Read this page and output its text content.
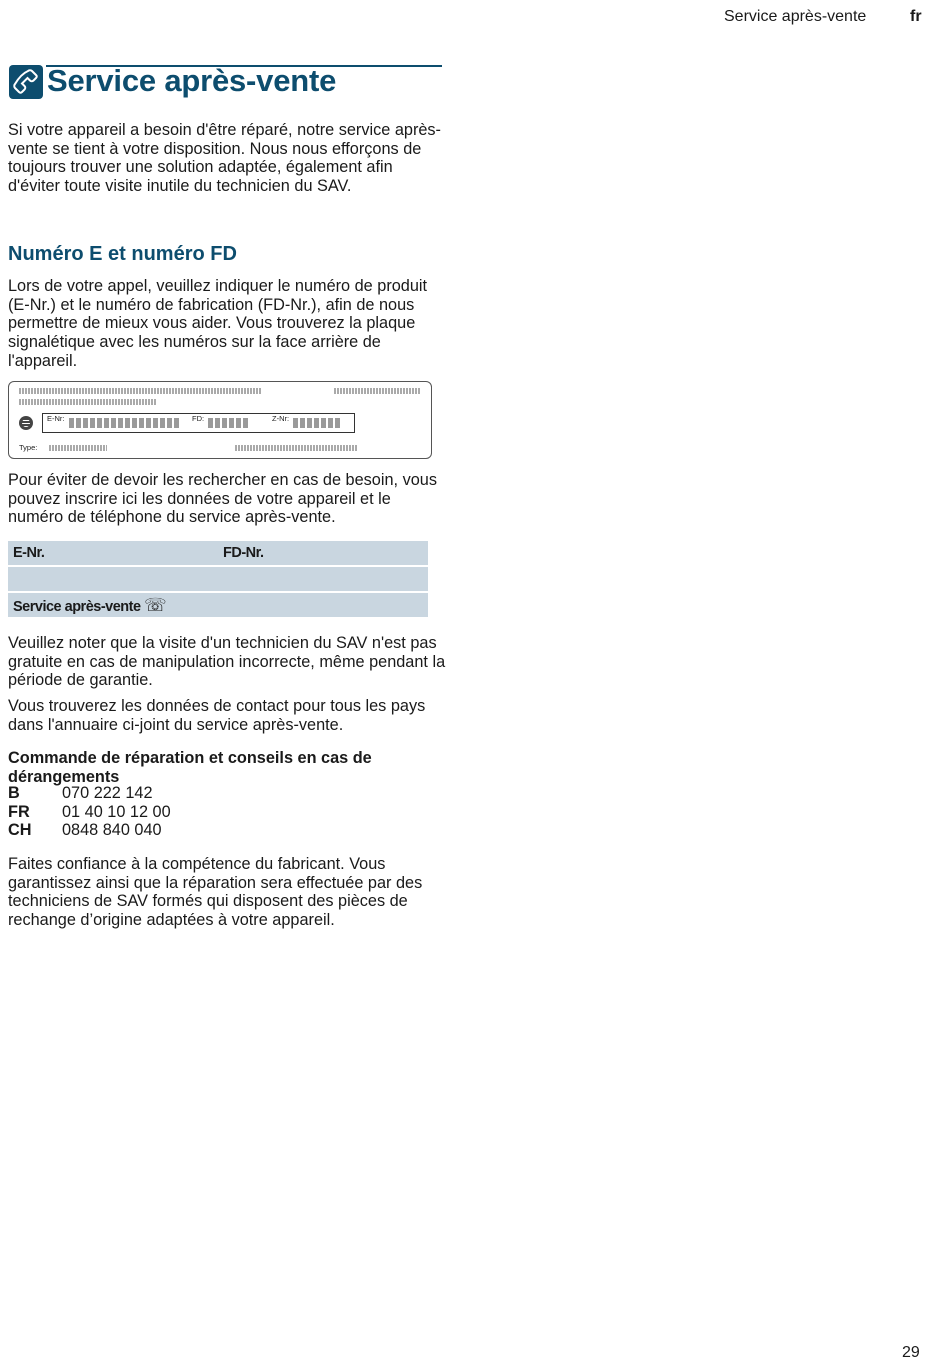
Service après-vente	fr
Service après-vente

Si votre appareil a besoin d'être réparé, notre service après-vente se tient à votre disposition. Nous nous efforçons de toujours trouver une solution adaptée, également afin d'éviter toute visite inutile du technicien du SAV.

Numéro E et numéro FD

Lors de votre appel, veuillez indiquer le numéro de produit (E-Nr.) et le numéro de fabrication (FD-Nr.), afin de nous permettre de mieux vous aider. Vous trouverez la plaque signalétique avec les numéros sur la face arrière de l'appareil.

E-Nr:	FD:	Z-Nr:
Type:

Pour éviter de devoir les rechercher en cas de besoin, vous pouvez inscrire ici les données de votre appareil et le numéro de téléphone du service après-vente.

E-Nr.	FD-Nr.

Service après-vente ☏	

Veuillez noter que la visite d'un technicien du SAV n'est pas gratuite en cas de manipulation incorrecte, même pendant la période de garantie.

Vous trouverez les données de contact pour tous les pays dans l'annuaire ci-joint du service après-vente.

Commande de réparation et conseils en cas de dérangements
B	070 222 142
FR 01 40 10 12 00
CH 0848 840 040

Faites confiance à la compétence du fabricant. Vous garantissez ainsi que la réparation sera effectuée par des techniciens de SAV formés qui disposent des pièces de rechange d’origine adaptées à votre appareil.

29
